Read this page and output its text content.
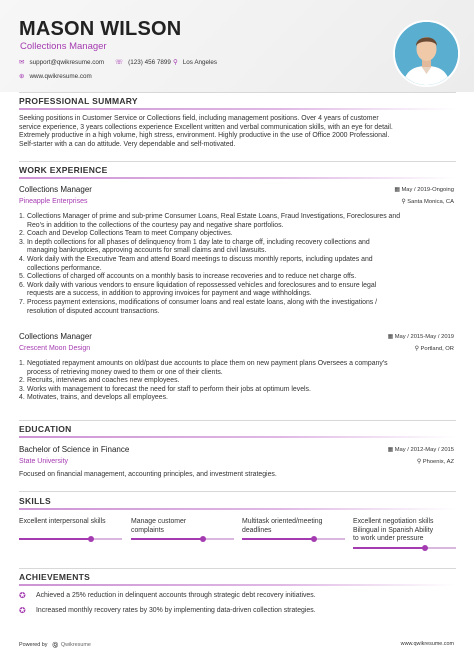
MASON WILSON
Collections Manager
✉ support@qwikresume.com ☏ (123) 456 7899 ⚲ Los Angeles
⊕ www.qwikresume.com
PROFESSIONAL SUMMARY
Seeking positions in Customer Service or Collections field, including management positions. Over 4 years of customer
service experience, 3 years collections experience Excellent written and verbal communication skills, with an eye for detail.
Extremely productive in a high volume, high stress, environment. Highly productive in the use of Office 2000 Professional.
Self-starter with a can do attitude. Very dependable and self-motivated.
WORK EXPERIENCE
Collections Manager	▦ May / 2019-Ongoing
Pineapple Enterprises	⚲ Santa Monica, CA
1. Collections Manager of prime and sub-prime Consumer Loans, Real Estate Loans, Fraud Investigations, Foreclosures and
Reo's in addition to the collections of the courtesy pay and negative share portfolios.
2. Coach and Develop Collections Team to meet Company objectives.
3. In depth collections for all phases of delinquency from 1 day late to charge off, including recovery collections and
managing bankruptcies, approving accounts for small claims and civil lawsuits.
4. Work daily with the Executive Team and attend Board meetings to discuss monthly reports, including updates and
collections performance.
5. Collections of charged off accounts on a monthly basis to increase recoveries and to reduce net charge offs.
6. Work daily with various vendors to ensure liquidation of repossessed vehicles and foreclosures and to ensure legal
requests are a success, in addition to approving invoices for payment and wage withholdings.
7. Process payment extensions, modifications of consumer loans and real estate loans, along with the investigations /
resolution of disputed account transactions.
Collections Manager	▦ May / 2015-May / 2019
Crescent Moon Design	⚲ Portland, OR
1. Negotiated repayment amounts on old/past due accounts to place them on new payment plans Oversees a company's
process of retrieving money owed to them or one of their clients.
2. Recruits, interviews and coaches new employees.
3. Works with management to forecast the need for staff to perform their jobs at optimum levels.
4. Motivates, trains, and develops all employees.
EDUCATION
Bachelor of Science in Finance	▦ May / 2012-May / 2015
State University	⚲ Phoenix, AZ
Focused on financial management, accounting principles, and investment strategies.
SKILLS
Excellent interpersonal skills	Manage customer
complaints
Multitask oriented/meeting
deadlines
Excellent negotiation skills
Bilingual in Spanish Ability
to work under pressure
ACHIEVEMENTS
✪	Achieved a 25% reduction in delinquent accounts through strategic debt recovery initiatives.
✪	Increased monthly recovery rates by 30% by implementing data-driven collection strategies.
Powered by Ⓠ Qwikresume	www.qwikresume.com
